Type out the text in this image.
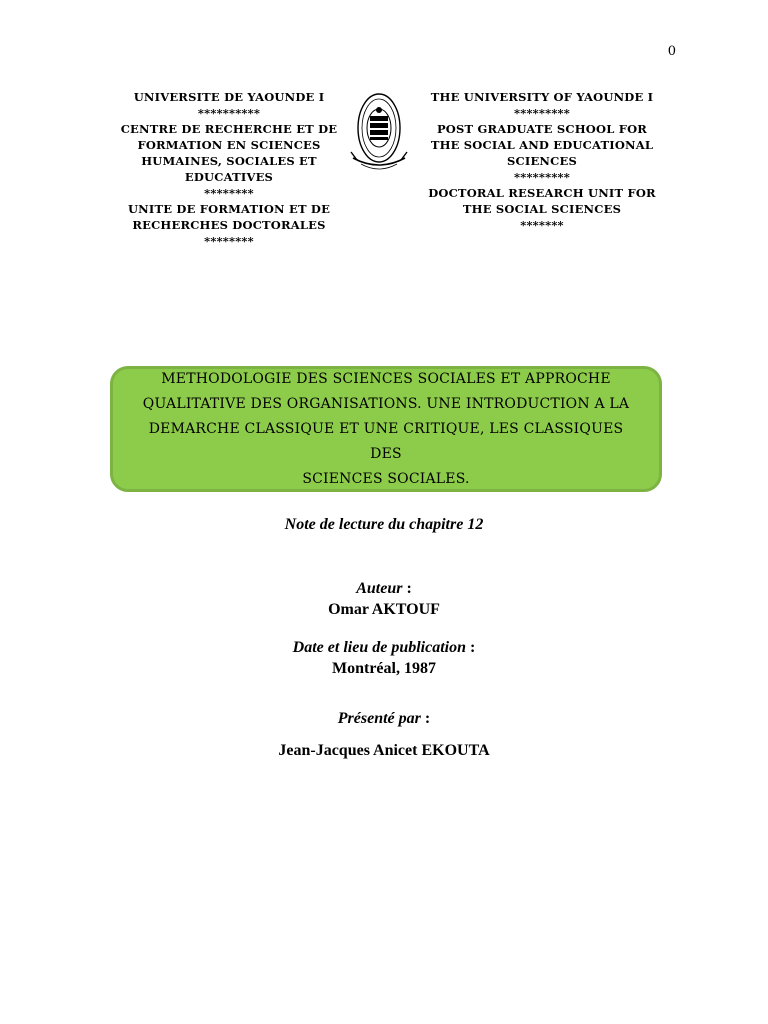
0
UNIVERSITE DE YAOUNDE I
**********
CENTRE DE RECHERCHE ET DE
FORMATION EN SCIENCES
HUMAINES, SOCIALES ET
EDUCATIVES
********
UNITE DE FORMATION ET DE
RECHERCHES DOCTORALES
********
THE UNIVERSITY OF YAOUNDE I
*********
POST GRADUATE SCHOOL FOR
THE SOCIAL AND EDUCATIONAL
SCIENCES
*********
DOCTORAL RESEARCH UNIT FOR
THE SOCIAL SCIENCES
*******

METHODOLOGIE DES SCIENCES SOCIALES ET APPROCHE
QUALITATIVE DES ORGANISATIONS. UNE INTRODUCTION A LA
DEMARCHE CLASSIQUE ET UNE CRITIQUE, LES CLASSIQUES DES
SCIENCES SOCIALES.

Note de lecture du chapitre 12
Auteur :
Omar AKTOUF
Date et lieu de publication :
Montréal, 1987
Présenté par :
Jean-Jacques Anicet EKOUTA
